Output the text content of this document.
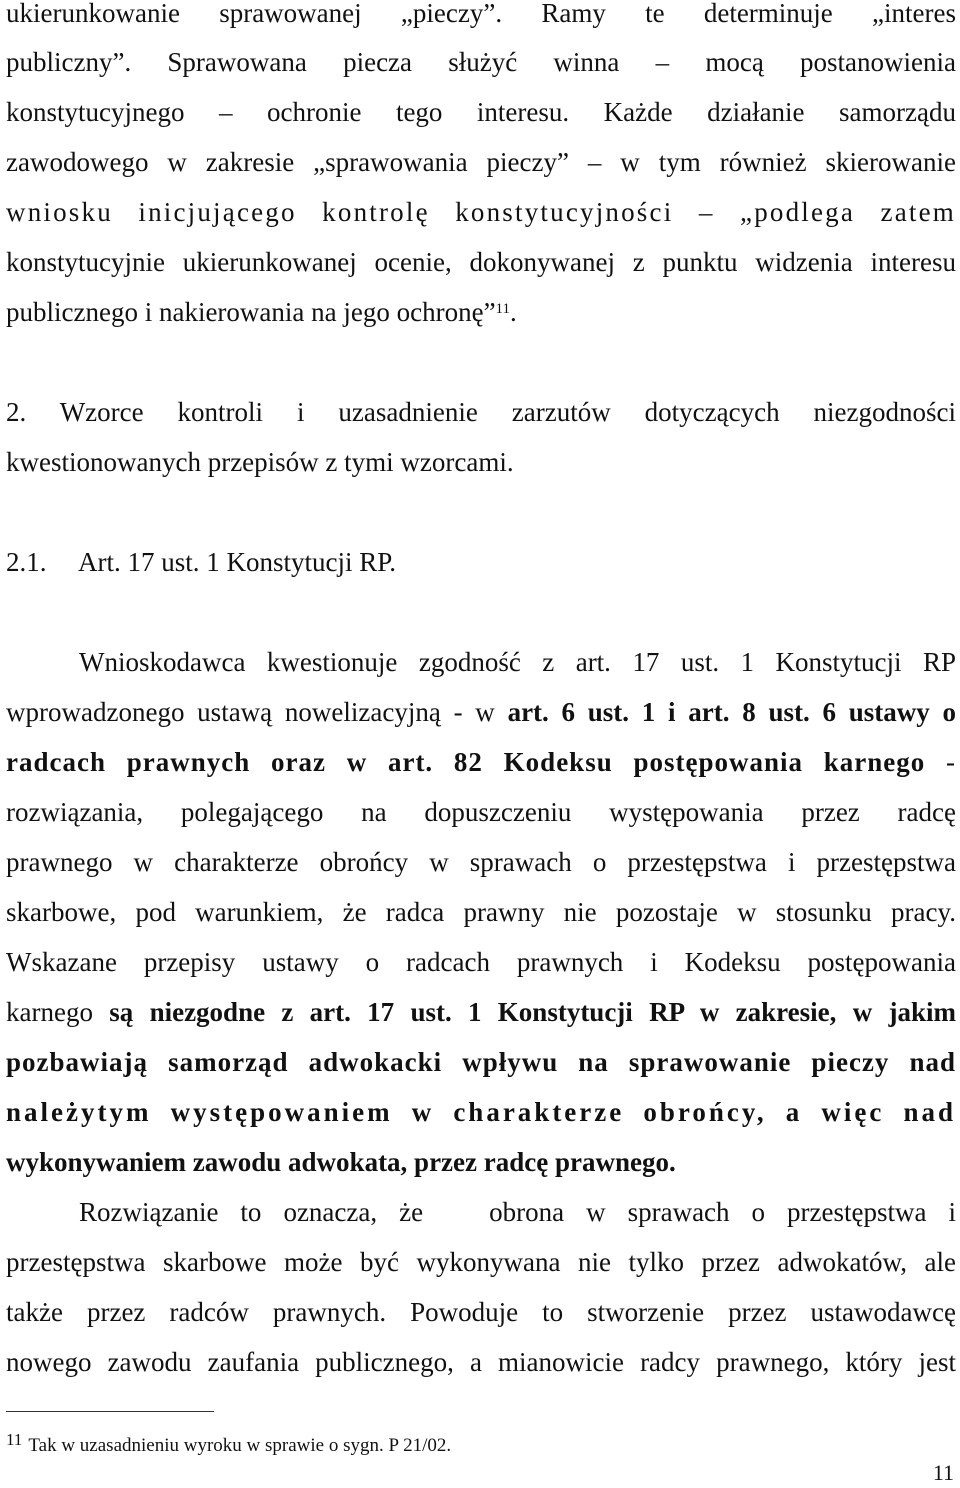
ukierunkowanie sprawowanej „pieczy”. Ramy te determinuje „interes
publiczny”. Sprawowana piecza służyć winna – mocą postanowienia
konstytucyjnego – ochronie tego interesu. Każde działanie samorządu
zawodowego w zakresie „sprawowania pieczy” – w tym również skierowanie
wniosku inicjującego kontrolę konstytucyjności – „podlega zatem
konstytucyjnie ukierunkowanej ocenie, dokonywanej z punktu widzenia interesu
publicznego i nakierowania na jego ochronę”$^{11}$.
2. Wzorce kontroli i uzasadnienie zarzutów dotyczących niezgodności
kwestionowanych przepisów z tymi wzorcami.
2.1. Art. 17 ust. 1 Konstytucji RP.
Wnioskodawca kwestionuje zgodność z art. 17 ust. 1 Konstytucji RP
wprowadzonego ustawą nowelizacyjną - w art. 6 ust. 1 i art. 8 ust. 6 ustawy o
radcach prawnych oraz w art. 82 Kodeksu postępowania karnego -
rozwiązania, polegającego na dopuszczeniu występowania przez radcę
prawnego w charakterze obrońcy w sprawach o przestępstwa i przestępstwa
skarbowe, pod warunkiem, że radca prawny nie pozostaje w stosunku pracy.
Wskazane przepisy ustawy o radcach prawnych i Kodeksu postępowania
karnego są niezgodne z art. 17 ust. 1 Konstytucji RP w zakresie, w jakim
pozbawiają samorząd adwokacki wpływu na sprawowanie pieczy nad
należytym występowaniem w charakterze obrońcy, a więc nad
wykonywaniem zawodu adwokata, przez radcę prawnego.
Rozwiązanie to oznacza, że   obrona w sprawach o przestępstwa i
przestępstwa skarbowe może być wykonywana nie tylko przez adwokatów, ale
także przez radców prawnych. Powoduje to stworzenie przez ustawodawcę
nowego zawodu zaufania publicznego, a mianowicie radcy prawnego, który jest
11 Tak w uzasadnieniu wyroku w sprawie o sygn. P 21/02.
11
